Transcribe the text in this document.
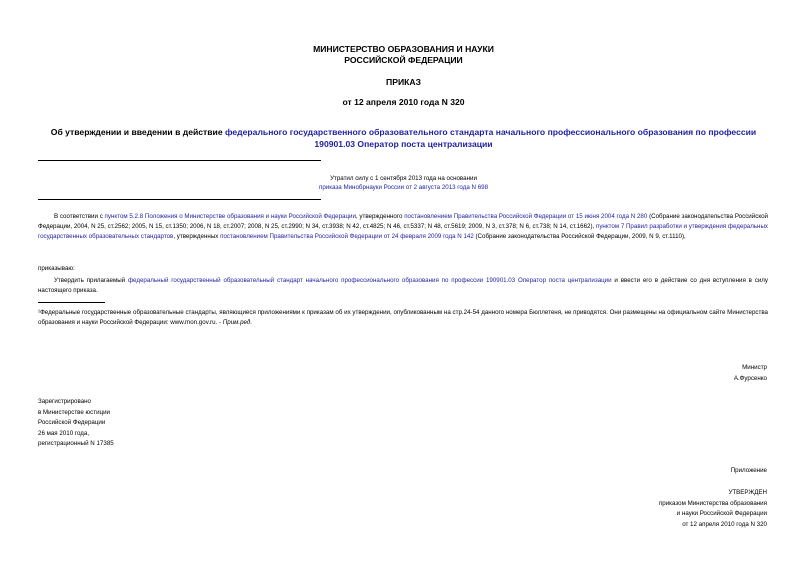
МИНИСТЕРСТВО ОБРАЗОВАНИЯ И НАУКИ
РОССИЙСКОЙ ФЕДЕРАЦИИ
ПРИКАЗ
от 12 апреля 2010 года N 320
Об утверждении и введении в действие федерального государственного образовательного стандарта начального профессионального образования по профессии 190901.03 Оператор поста централизации
Утратил силу с 1 сентября 2013 года на основании
приказа Минобрнауки России от 2 августа 2013 года N 698
В соответствии с пунктом 5.2.8 Положения о Министерстве образования и науки Российской Федерации, утвержденного постановлением Правительства Российской Федерации от 15 июня 2004 года N 280 (Собрание законодательства Российской Федерации, 2004, N 25, ст.2562; 2005, N 15, ст.1350; 2006, N 18, ст.2007; 2008, N 25, ст.2990; N 34, ст.3938; N 42, ст.4825; N 46, ст.5337; N 48, ст.5619; 2009, N 3, ст.378; N 6, ст.738; N 14, ст.1662), пунктом 7 Правил разработки и утверждения федеральных государственных образовательных стандартов, утвержденных постановлением Правительства Российской Федерации от 24 февраля 2009 года N 142 (Собрание законодательства Российской Федерации, 2009, N 9, ст.1110),
приказываю:
Утвердить прилагаемый федеральный государственный образовательный стандарт начального профессионального образования по профессии 190901.03 Оператор поста централизации и ввести его в действие со дня вступления в силу настоящего приказа.
¹Федеральные государственные образовательные стандарты, являющиеся приложениями к приказам об их утверждении, опубликованным на стр.24-54 данного номера Бюллетеня, не приводятся. Они размещены на официальном сайте Министерства образования и науки Российской Федерации: www.mon.gov.ru. - Прим.ред.
Министр
А.Фурсенко
Зарегистрировано
в Министерстве юстиции
Российской Федерации
26 мая 2010 года,
регистрационный N 17385
Приложение
УТВЕРЖДЕН
приказом Министерства образования
и науки Российской Федерации
от 12 апреля 2010 года N 320
